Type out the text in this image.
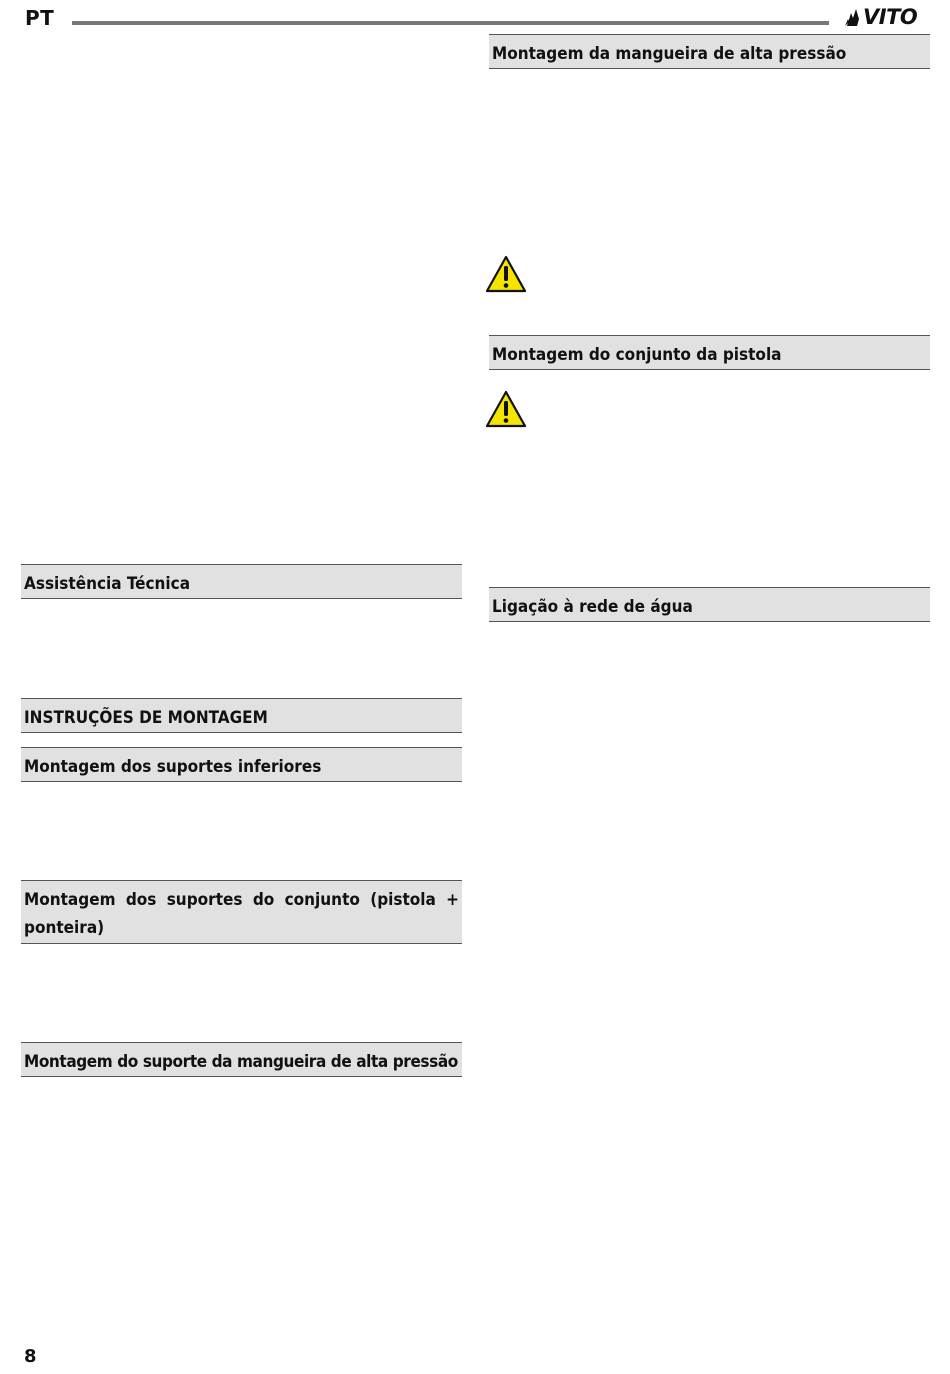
PT	VITO
Montagem da mangueira de alta pressão
Montagem do conjunto da pistola
Ligação à rede de água
Assistência Técnica
INSTRUÇÕES DE MONTAGEM
Montagem dos suportes inferiores
Montagem dos suportes do conjunto (pistola + ponteira)
Montagem do suporte da mangueira de alta pressão
8
